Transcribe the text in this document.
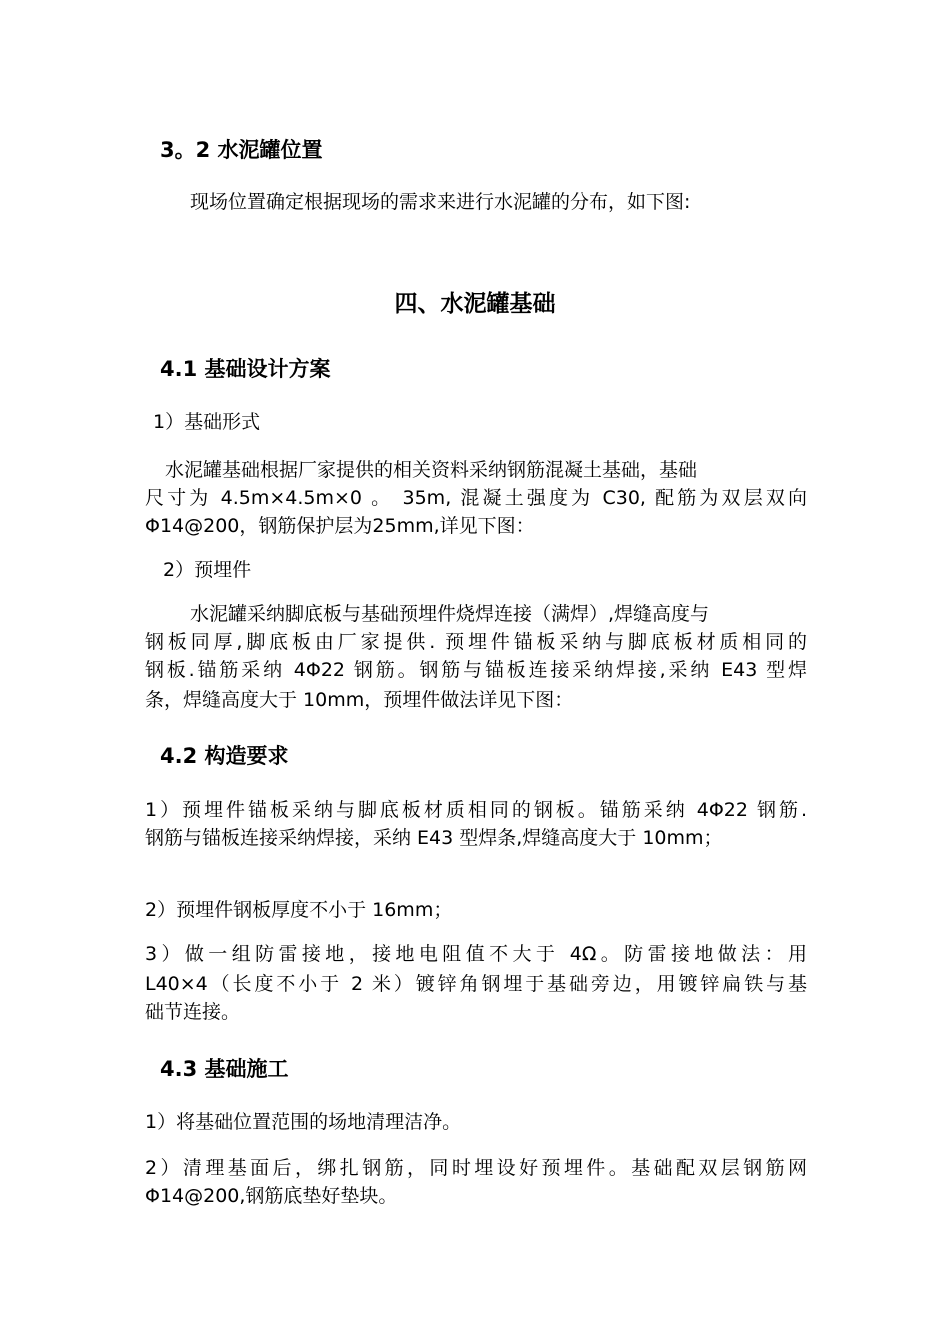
3。2 水泥罐位置
现场位置确定根据现场的需求来进行水泥罐的分布，如下图:
四、水泥罐基础
4.1 基础设计方案
1）基础形式
水泥罐基础根据厂家提供的相关资料采纳钢筋混凝土基础，基础
尺寸为 4.5m×4.5m×0 。 35m, 混凝土强度为 C30, 配筋为双层双向
Φ14@200，钢筋保护层为25mm,详见下图：
2）预埋件
水泥罐采纳脚底板与基础预埋件烧焊连接（满焊）,焊缝高度与
钢板同厚,脚底板由厂家提供. 预埋件锚板采纳与脚底板材质相同的
钢板.锚筋采纳 4Φ22 钢筋。钢筋与锚板连接采纳焊接,采纳 E43 型焊
条，焊缝高度大于 10mm，预埋件做法详见下图：
4.2 构造要求
1）预埋件锚板采纳与脚底板材质相同的钢板。锚筋采纳 4Φ22 钢筋.
钢筋与锚板连接采纳焊接，采纳 E43 型焊条,焊缝高度大于 10mm；
2）预埋件钢板厚度不小于 16mm；
3）做一组防雷接地，接地电阻值不大于 4Ω。防雷接地做法：用
L40×4（长度不小于 2 米）镀锌角钢埋于基础旁边，用镀锌扁铁与基
础节连接。
4.3 基础施工
1）将基础位置范围的场地清理洁净。
2）清理基面后，绑扎钢筋，同时埋设好预埋件。基础配双层钢筋网
Φ14@200,钢筋底垫好垫块。
